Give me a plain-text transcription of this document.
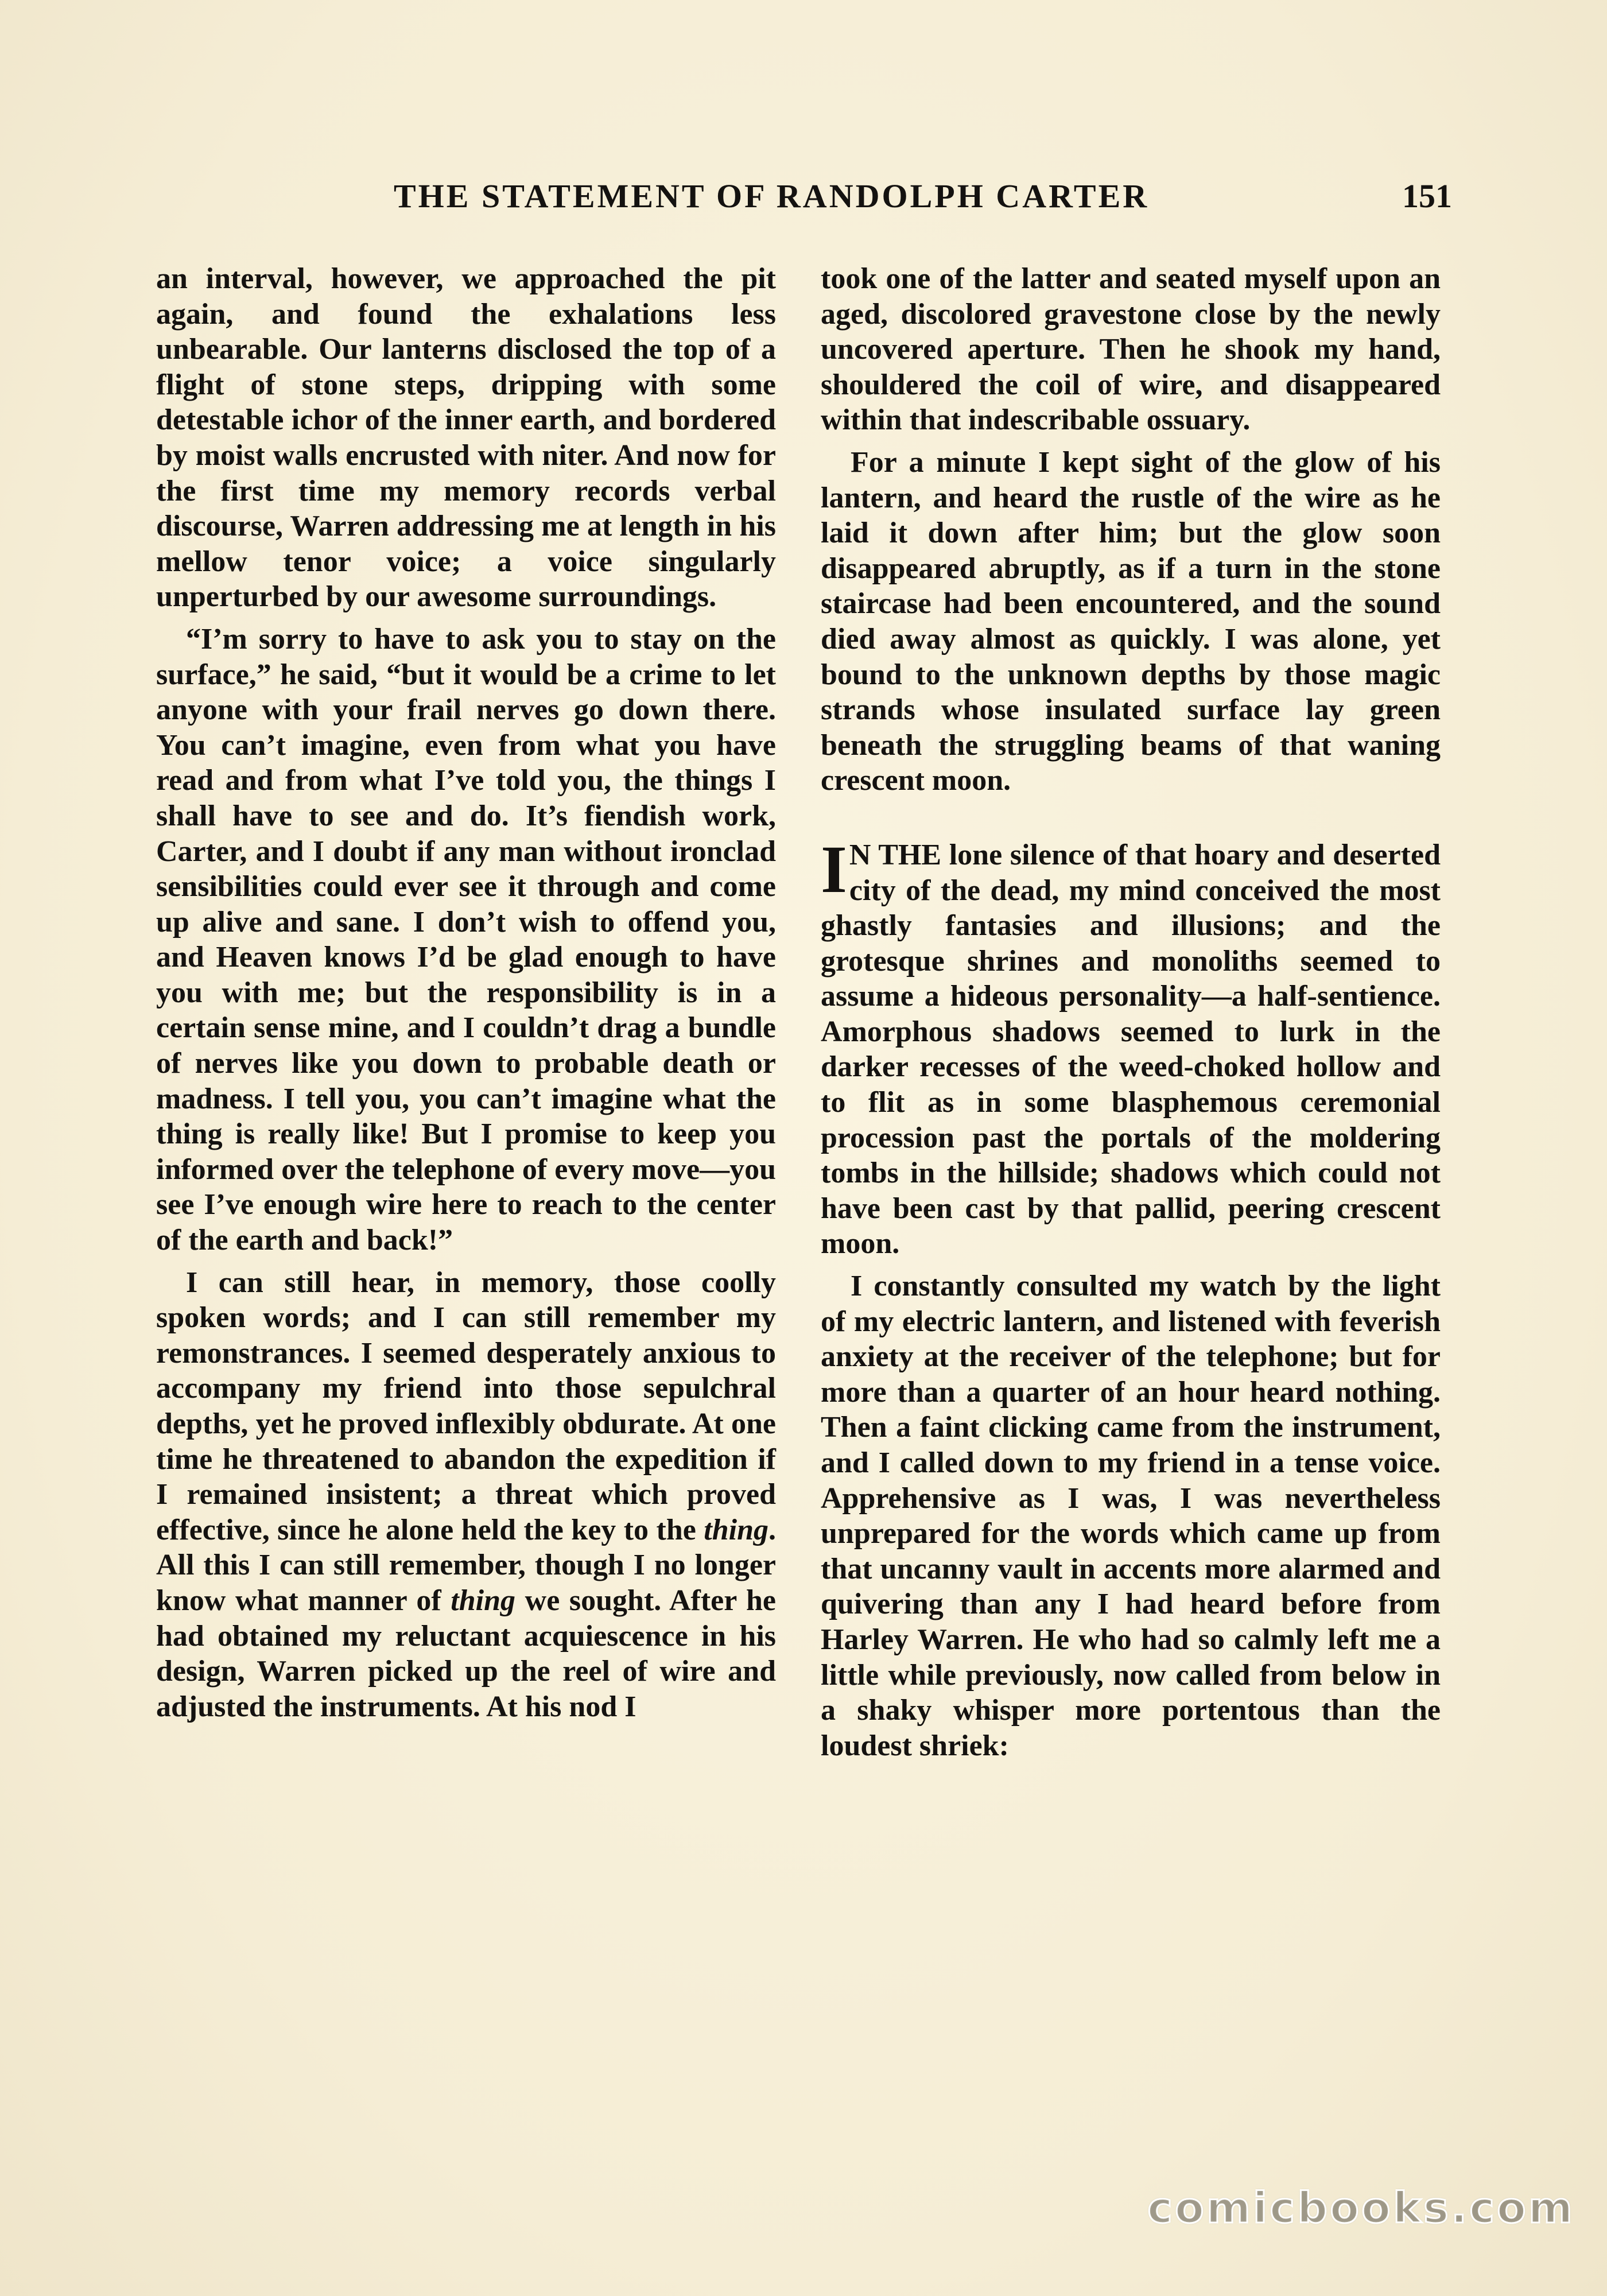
THE STATEMENT OF RANDOLPH CARTER	151

an interval, however, we approached the pit again, and found the exhalations less unbearable. Our lanterns disclosed the top of a flight of stone steps, dripping with some detestable ichor of the inner earth, and bordered by moist walls encrusted with niter. And now for the first time my memory records verbal discourse, Warren addressing me at length in his mellow tenor voice; a voice singularly unperturbed by our awesome surroundings.

“I’m sorry to have to ask you to stay on the surface,” he said, “but it would be a crime to let anyone with your frail nerves go down there. You can’t imagine, even from what you have read and from what I’ve told you, the things I shall have to see and do. It’s fiendish work, Carter, and I doubt if any man without ironclad sensibilities could ever see it through and come up alive and sane. I don’t wish to offend you, and Heaven knows I’d be glad enough to have you with me; but the responsibility is in a certain sense mine, and I couldn’t drag a bundle of nerves like you down to probable death or madness. I tell you, you can’t imagine what the thing is really like! But I promise to keep you informed over the telephone of every move—you see I’ve enough wire here to reach to the center of the earth and back!”

I can still hear, in memory, those coolly spoken words; and I can still remember my remonstrances. I seemed desperately anxious to accompany my friend into those sepulchral depths, yet he proved inflexibly obdurate. At one time he threatened to abandon the expedition if I remained insistent; a threat which proved effective, since he alone held the key to the thing. All this I can still remember, though I no longer know what manner of thing we sought. After he had obtained my reluctant acquiescence in his design, Warren picked up the reel of wire and adjusted the instruments. At his nod I

took one of the latter and seated myself upon an aged, discolored gravestone close by the newly uncovered aperture. Then he shook my hand, shouldered the coil of wire, and disappeared within that indescribable ossuary.

For a minute I kept sight of the glow of his lantern, and heard the rustle of the wire as he laid it down after him; but the glow soon disappeared abruptly, as if a turn in the stone staircase had been encountered, and the sound died away almost as quickly. I was alone, yet bound to the unknown depths by those magic strands whose insulated surface lay green beneath the struggling beams of that waning crescent moon.

I N THE lone silence of that hoary and deserted city of the dead, my mind conceived the most ghastly fantasies and illusions; and the grotesque shrines and monoliths seemed to assume a hideous personality—a half-sentience. Amorphous shadows seemed to lurk in the darker recesses of the weed-choked hollow and to flit as in some blasphemous ceremonial procession past the portals of the moldering tombs in the hillside; shadows which could not have been cast by that pallid, peering crescent moon.

I constantly consulted my watch by the light of my electric lantern, and listened with feverish anxiety at the receiver of the telephone; but for more than a quarter of an hour heard nothing. Then a faint clicking came from the instrument, and I called down to my friend in a tense voice. Apprehensive as I was, I was nevertheless unprepared for the words which came up from that uncanny vault in accents more alarmed and quivering than any I had heard before from Harley Warren. He who had so calmly left me a little while previously, now called from below in a shaky whisper more portentous than the loudest shriek:

comicbooks.com
